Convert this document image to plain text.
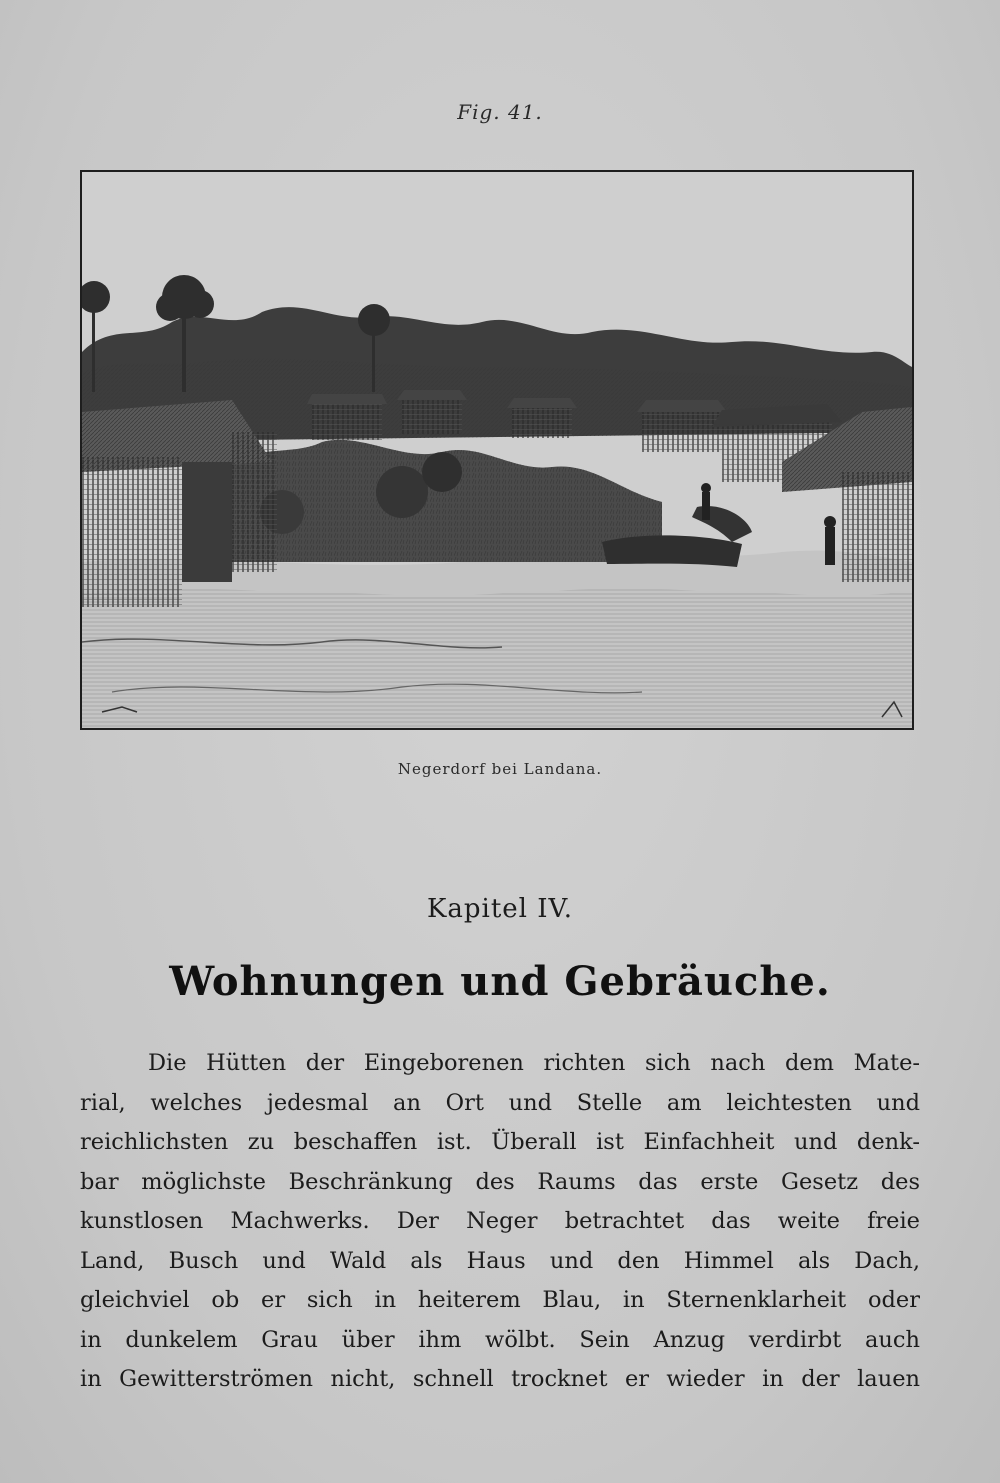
Fig. 41.
Negerdorf bei Landana.
Kapitel IV.
Wohnungen und Gebräuche.
Die Hütten der Eingeborenen richten sich nach dem Mate-
rial, welches jedesmal an Ort und Stelle am leichtesten und
reichlichsten zu beschaffen ist. Überall ist Einfachheit und denk-
bar möglichste Beschränkung des Raums das erste Gesetz des
kunstlosen Machwerks. Der Neger betrachtet das weite freie
Land, Busch und Wald als Haus und den Himmel als Dach,
gleichviel ob er sich in heiterem Blau, in Sternenklarheit oder
in dunkelem Grau über ihm wölbt. Sein Anzug verdirbt auch
in Gewitterströmen nicht, schnell trocknet er wieder in der lauen
